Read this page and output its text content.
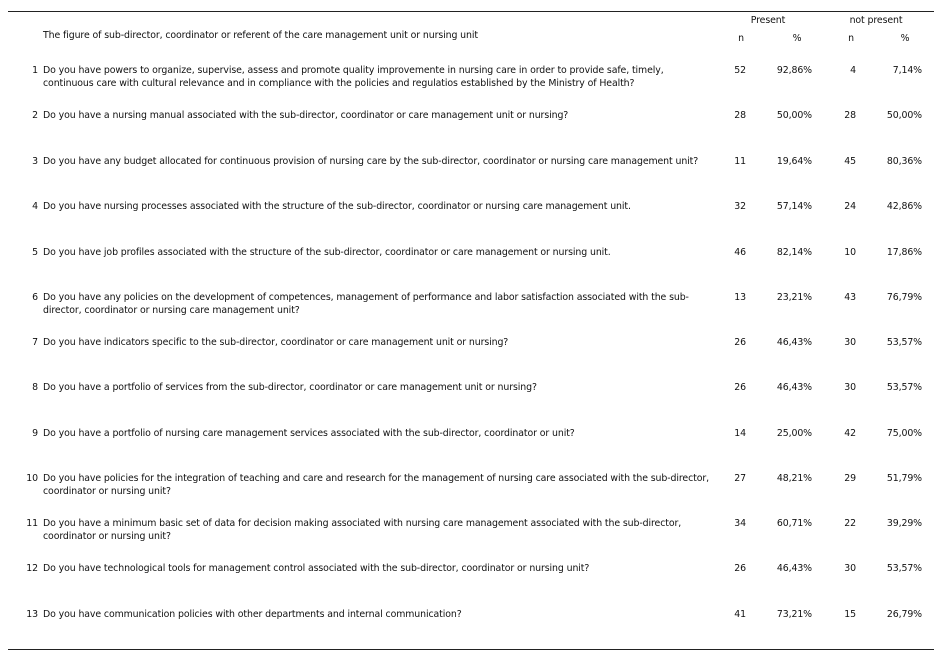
Present	not present
The figure of sub-director, coordinator or referent of the care management unit or nursing unit	n	%	n	%
1 Do you have powers to organize, supervise, assess and promote quality improvemente in nursing care in order to provide safe, timely, continuous care with cultural relevance and in compliance with the policies and regulatios established by the Ministry of Health?
52	92,86%	4	7,14%
2 Do you have a nursing manual associated with the sub-director, coordinator or care management unit or nursing?	28	50,00%	28	50,00%
3 Do you have any budget allocated for continuous provision of nursing care by the sub-director, coordinator or nursing care management unit?	11	19,64%	45	80,36%
4 Do you have nursing processes associated with the structure of the sub-director, coordinator or nursing care management unit.	32	57,14%	24	42,86%
5 Do you have job profiles associated with the structure of the sub-director, coordinator or care management or nursing unit.	46	82,14%	10	17,86%
6 Do you have any policies on the development of competences, management of performance and labor satisfaction associated with the sub-director, coordinator or nursing care management unit?
13	23,21%	43	76,79%
7 Do you have indicators specific to the sub-director, coordinator or care management unit or nursing?	26	46,43%	30	53,57%
8 Do you have a portfolio of services from the sub-director, coordinator or care management unit or nursing?	26	46,43%	30	53,57%
9 Do you have a portfolio of nursing care management services associated with the sub-director, coordinator or unit?	14	25,00%	42	75,00%
10 Do you have policies for the integration of teaching and care and research for the management of nursing care associated with the sub-director, coordinator or nursing unit?
27	48,21%	29	51,79%
11 Do you have a minimum basic set of data for decision making associated with nursing care management associated with the sub-director, coordinator or nursing unit?
34	60,71%	22	39,29%
12 Do you have technological tools for management control associated with the sub-director, coordinator or nursing unit?	26	46,43%	30	53,57%
13 Do you have communication policies with other departments and internal communication?	41	73,21%	15	26,79%
